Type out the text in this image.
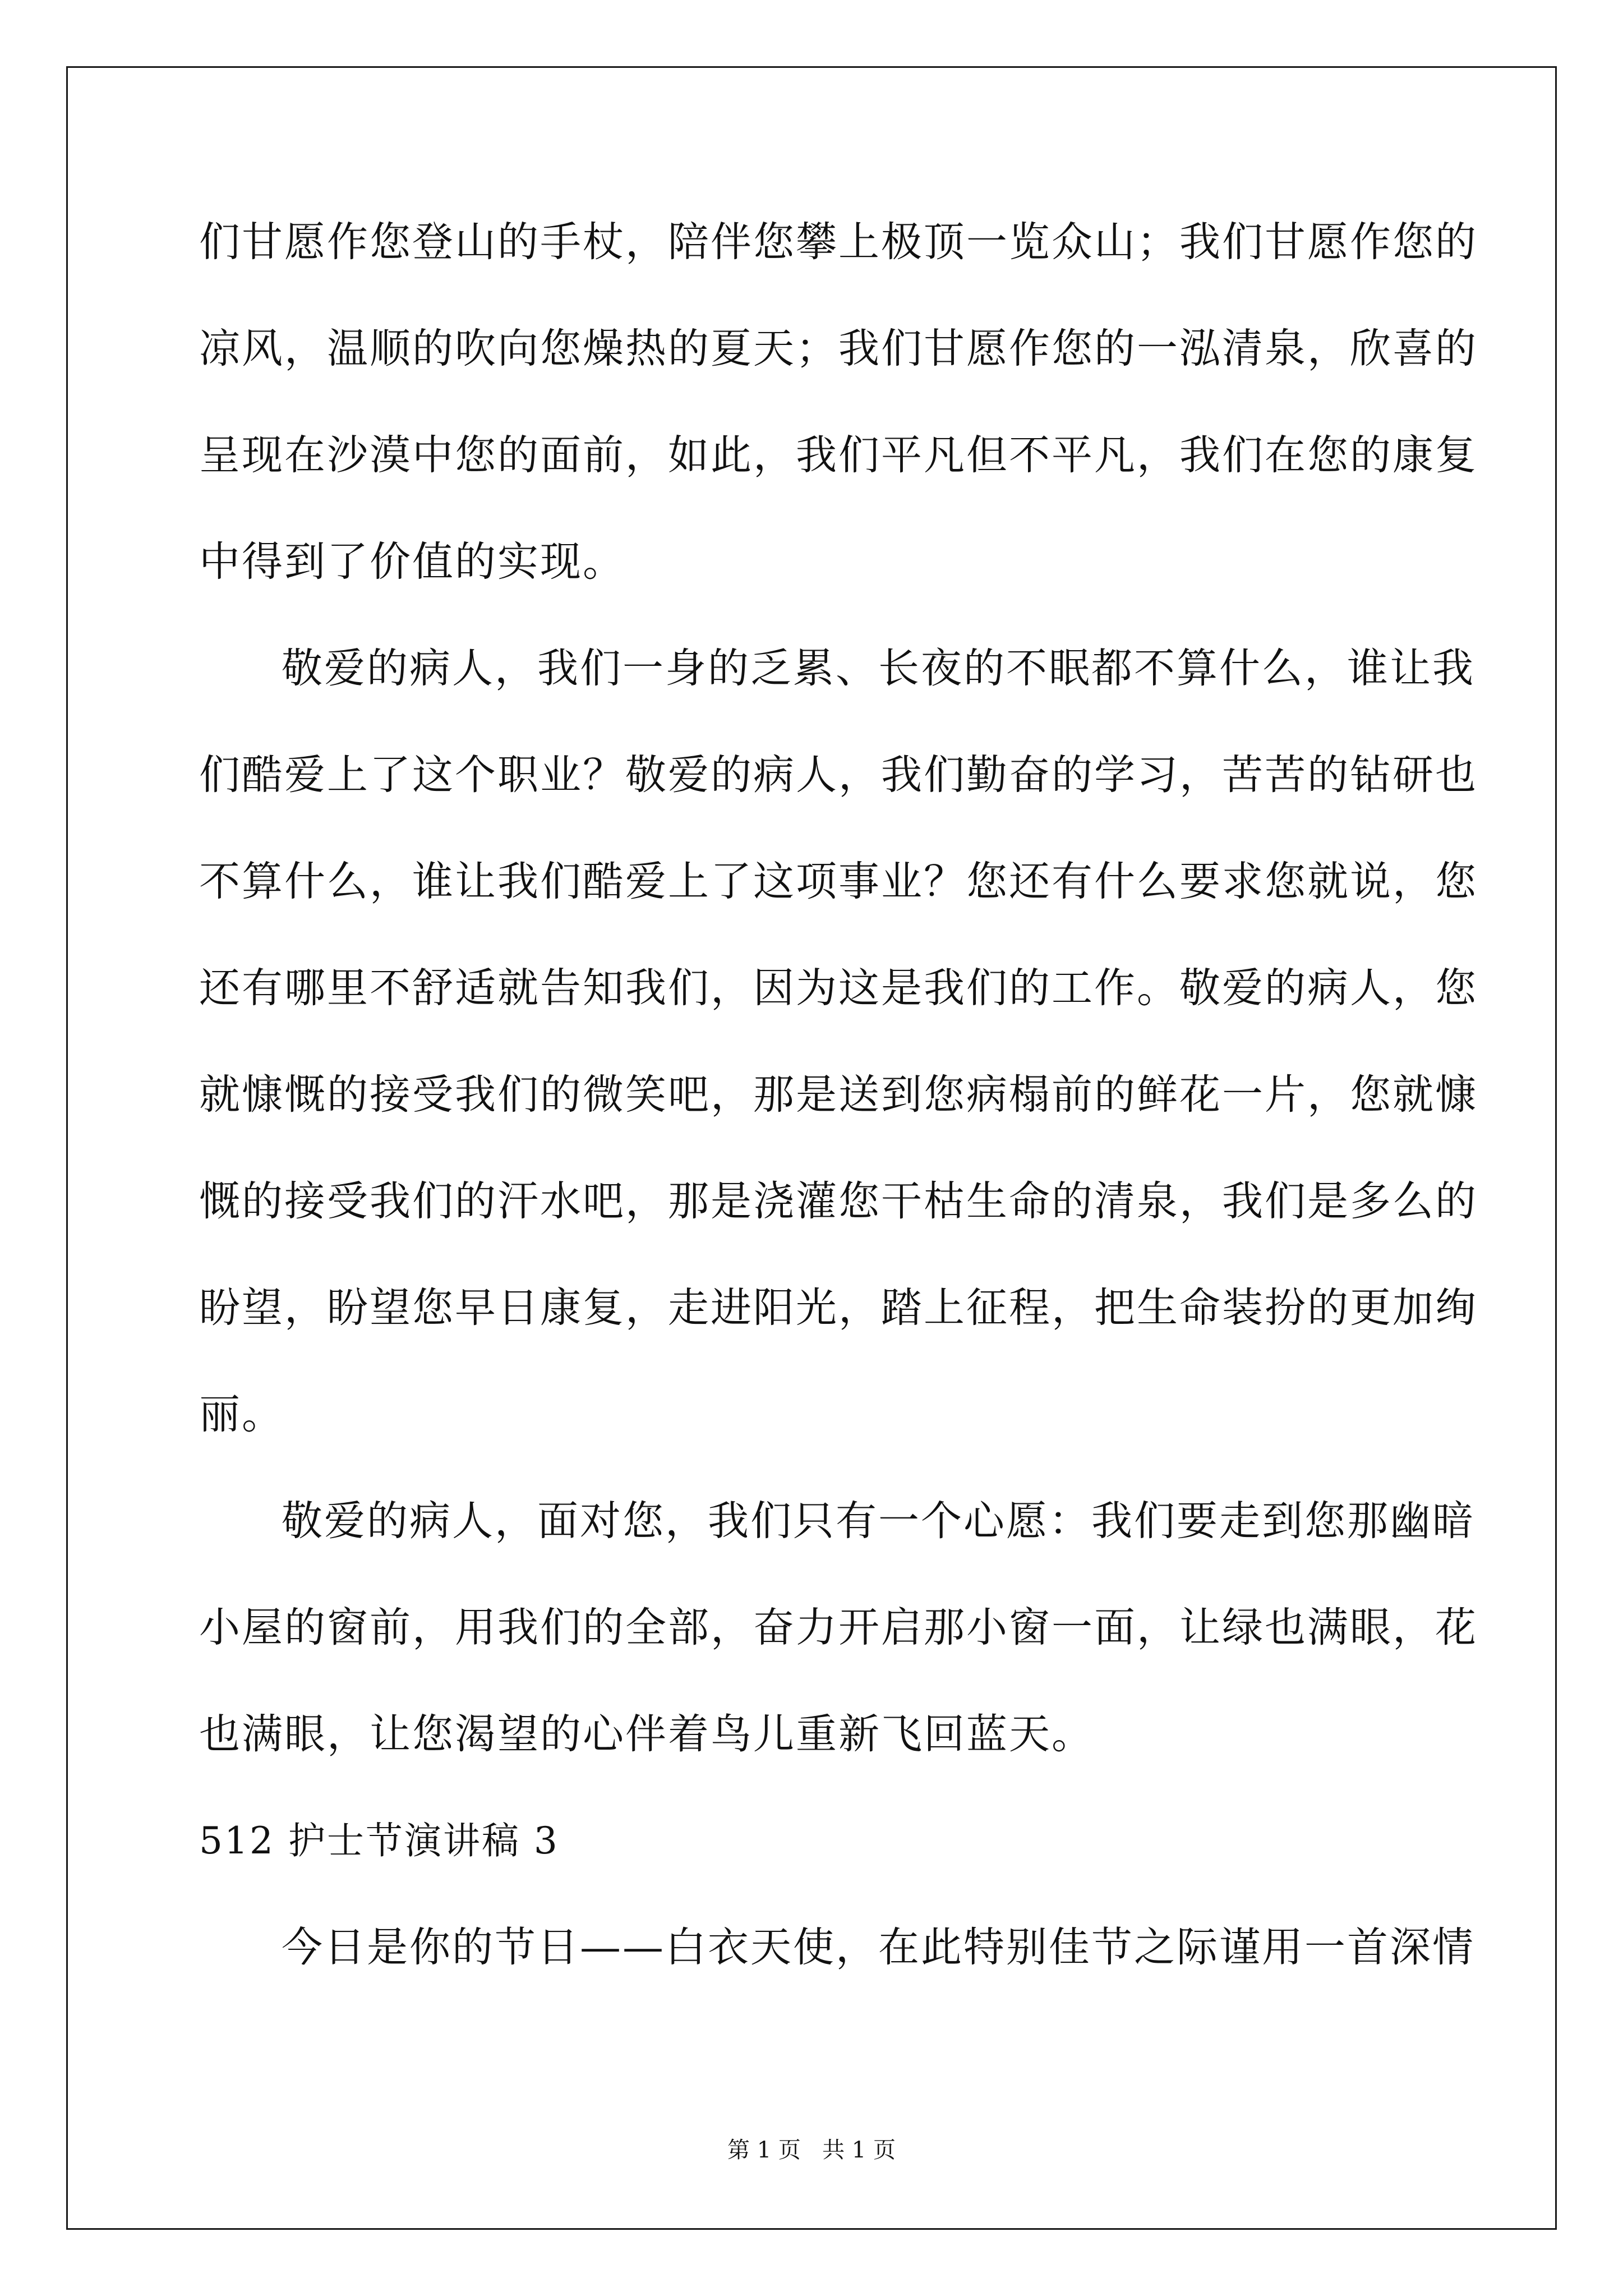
们甘愿作您登山的手杖，陪伴您攀上极顶一览众山；我们甘愿作您的
凉风，温顺的吹向您燥热的夏天；我们甘愿作您的一泓清泉，欣喜的
呈现在沙漠中您的面前，如此，我们平凡但不平凡，我们在您的康复
中得到了价值的实现。
敬爱的病人，我们一身的乏累、长夜的不眠都不算什么，谁让我
们酷爱上了这个职业？敬爱的病人，我们勤奋的学习，苦苦的钻研也
不算什么，谁让我们酷爱上了这项事业？您还有什么要求您就说，您
还有哪里不舒适就告知我们，因为这是我们的工作。敬爱的病人，您
就慷慨的接受我们的微笑吧，那是送到您病榻前的鲜花一片，您就慷
慨的接受我们的汗水吧，那是浇灌您干枯生命的清泉，我们是多么的
盼望，盼望您早日康复，走进阳光，踏上征程，把生命装扮的更加绚
丽。
敬爱的病人，面对您，我们只有一个心愿：我们要走到您那幽暗
小屋的窗前，用我们的全部，奋力开启那小窗一面，让绿也满眼，花
也满眼，让您渴望的心伴着鸟儿重新飞回蓝天。
512 护士节演讲稿 3
今日是你的节日——白衣天使，在此特别佳节之际谨用一首深情
第 1 页   共 1 页
